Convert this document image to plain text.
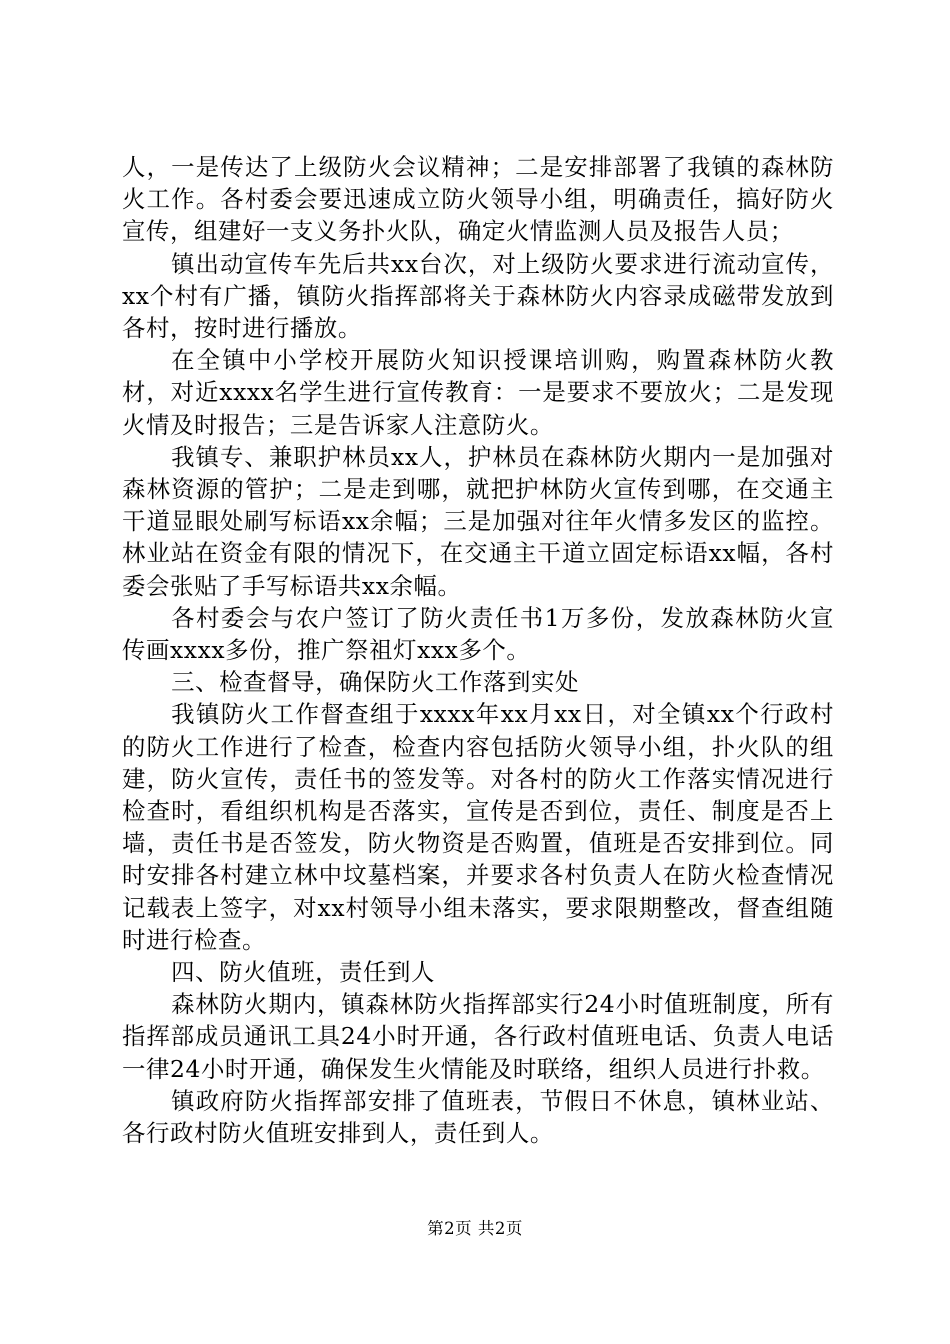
人，一是传达了上级防火会议精神；二是安排部署了我镇的森林防火工作。各村委会要迅速成立防火领导小组，明确责任，搞好防火宣传，组建好一支义务扑火队，确定火情监测人员及报告人员；

镇出动宣传车先后共xx台次，对上级防火要求进行流动宣传，xx个村有广播，镇防火指挥部将关于森林防火内容录成磁带发放到各村，按时进行播放。

在全镇中小学校开展防火知识授课培训购，购置森林防火教材，对近xxxx名学生进行宣传教育：一是要求不要放火；二是发现火情及时报告；三是告诉家人注意防火。

我镇专、兼职护林员xx人，护林员在森林防火期内一是加强对森林资源的管护；二是走到哪，就把护林防火宣传到哪，在交通主干道显眼处刷写标语xx余幅；三是加强对往年火情多发区的监控。林业站在资金有限的情况下，在交通主干道立固定标语xx幅，各村委会张贴了手写标语共xx余幅。

各村委会与农户签订了防火责任书1万多份，发放森林防火宣传画xxxx多份，推广祭祖灯xxx多个。

三、检查督导，确保防火工作落到实处

我镇防火工作督查组于xxxx年xx月xx日，对全镇xx个行政村的防火工作进行了检查，检查内容包括防火领导小组，扑火队的组建，防火宣传，责任书的签发等。对各村的防火工作落实情况进行检查时，看组织机构是否落实，宣传是否到位，责任、制度是否上墙，责任书是否签发，防火物资是否购置，值班是否安排到位。同时安排各村建立林中坟墓档案，并要求各村负责人在防火检查情况记载表上签字，对xx村领导小组未落实，要求限期整改，督查组随时进行检查。

四、防火值班，责任到人

森林防火期内，镇森林防火指挥部实行24小时值班制度，所有指挥部成员通讯工具24小时开通，各行政村值班电话、负责人电话一律24小时开通，确保发生火情能及时联络，组织人员进行扑救。

镇政府防火指挥部安排了值班表，节假日不休息，镇林业站、各行政村防火值班安排到人，责任到人。

第2页 共2页
